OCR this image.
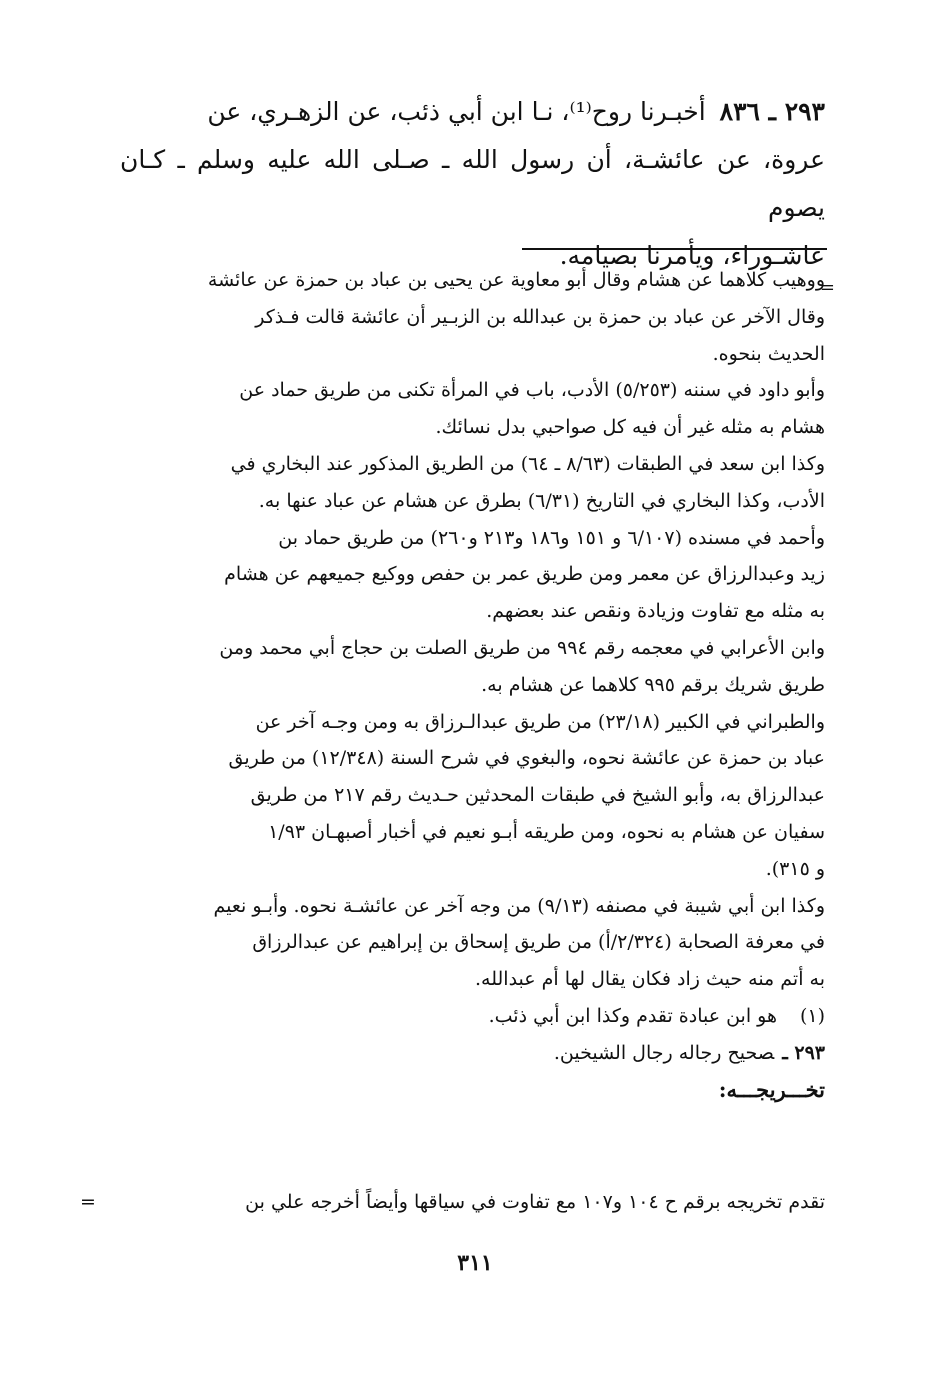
٢٩٣ ـ ٨٣٦أخبـرنا روح⁽¹⁾، نـا ابن أبي ذئب، عن الزهـري، عن
عروة، عن عائشـة، أن رسول الله ـ صـلى الله عليه وسلم ـ كـان يصوم
عاشـوراء، ويأمرنا بصيامه.
=
ووهيب كلاهما عن هشام وقال أبو معاوية عن يحيى بن عباد بن حمزة عن عائشة
وقال الآخر عن عباد بن حمزة بن عبدالله بن الزبـير أن عائشة قالت فـذكر
الحديث بنحوه.
وأبو داود في سننه (٥/٢٥٣) الأدب، باب في المرأة تكنى من طريق حماد عن
هشام به مثله غير أن فيه كل صواحبي بدل نسائك.
وكذا ابن سعد في الطبقات (٨/٦٣ ـ ٦٤) من الطريق المذكور عند البخاري في
الأدب، وكذا البخاري في التاريخ (٦/٣١) بطرق عن هشام عن عباد عنها به.
وأحمد في مسنده (٦/١٠٧ و ١٥١ و١٨٦ و٢١٣ و٢٦٠) من طريق حماد بن
زيد وعبدالرزاق عن معمر ومن طريق عمر بن حفص ووكيع جميعهم عن هشام
به مثله مع تفاوت وزيادة ونقص عند بعضهم.
وابن الأعرابي في معجمه رقم ٩٩٤ من طريق الصلت بن حجاج أبي محمد ومن
طريق شريك برقم ٩٩٥ كلاهما عن هشام به.
والطبراني في الكبير (٢٣/١٨) من طريق عبدالـرزاق به ومن وجـه آخر عن
عباد بن حمزة عن عائشة نحوه، والبغوي في شرح السنة (١٢/٣٤٨) من طريق
عبدالرزاق به، وأبو الشيخ في طبقات المحدثين حـديث رقم ٢١٧ من طريق
سفيان عن هشام به نحوه، ومن طريقه أبـو نعيم في أخبار أصبهـان ١/٩٣
و ٣١٥).
وكذا ابن أبي شيبة في مصنفه (٩/١٣) من وجه آخر عن عائشـة نحوه. وأبـو نعيم
في معرفة الصحابة (٢/٣٢٤/أ) من طريق إسحاق بن إبراهيم عن عبدالرزاق
به أتم منه حيث زاد فكان يقال لها أم عبدالله.
(١)هو ابن عبادة تقدم وكذا ابن أبي ذئب.
٢٩٣ ـصحيح رجاله رجال الشيخين.
تخـــريجـــه:
تقدم تخريجه برقم ح ١٠٤ و١٠٧ مع تفاوت في سياقها وأيضاً أخرجه علي بن
=
٣١١
